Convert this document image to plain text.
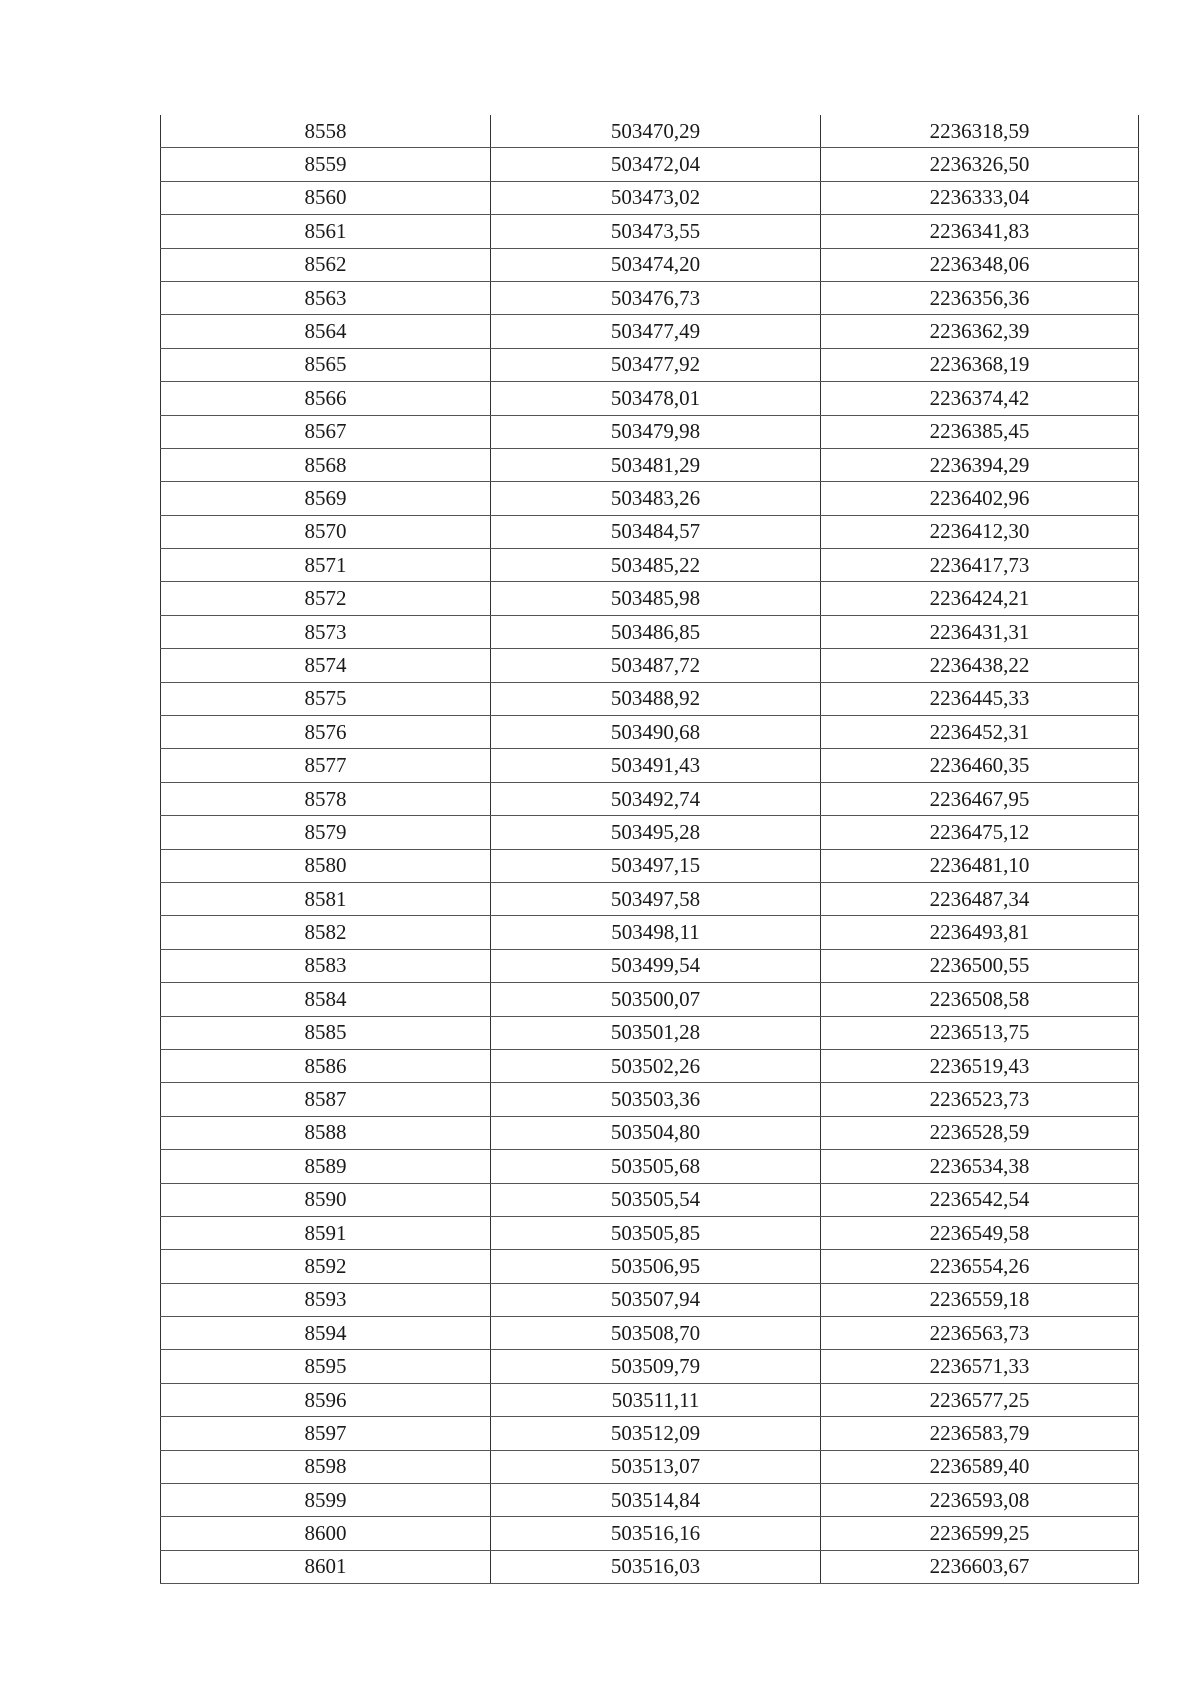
8558	503470,29	2236318,59
8559	503472,04	2236326,50
8560	503473,02	2236333,04
8561	503473,55	2236341,83
8562	503474,20	2236348,06
8563	503476,73	2236356,36
8564	503477,49	2236362,39
8565	503477,92	2236368,19
8566	503478,01	2236374,42
8567	503479,98	2236385,45
8568	503481,29	2236394,29
8569	503483,26	2236402,96
8570	503484,57	2236412,30
8571	503485,22	2236417,73
8572	503485,98	2236424,21
8573	503486,85	2236431,31
8574	503487,72	2236438,22
8575	503488,92	2236445,33
8576	503490,68	2236452,31
8577	503491,43	2236460,35
8578	503492,74	2236467,95
8579	503495,28	2236475,12
8580	503497,15	2236481,10
8581	503497,58	2236487,34
8582	503498,11	2236493,81
8583	503499,54	2236500,55
8584	503500,07	2236508,58
8585	503501,28	2236513,75
8586	503502,26	2236519,43
8587	503503,36	2236523,73
8588	503504,80	2236528,59
8589	503505,68	2236534,38
8590	503505,54	2236542,54
8591	503505,85	2236549,58
8592	503506,95	2236554,26
8593	503507,94	2236559,18
8594	503508,70	2236563,73
8595	503509,79	2236571,33
8596	503511,11	2236577,25
8597	503512,09	2236583,79
8598	503513,07	2236589,40
8599	503514,84	2236593,08
8600	503516,16	2236599,25
8601	503516,03	2236603,67
